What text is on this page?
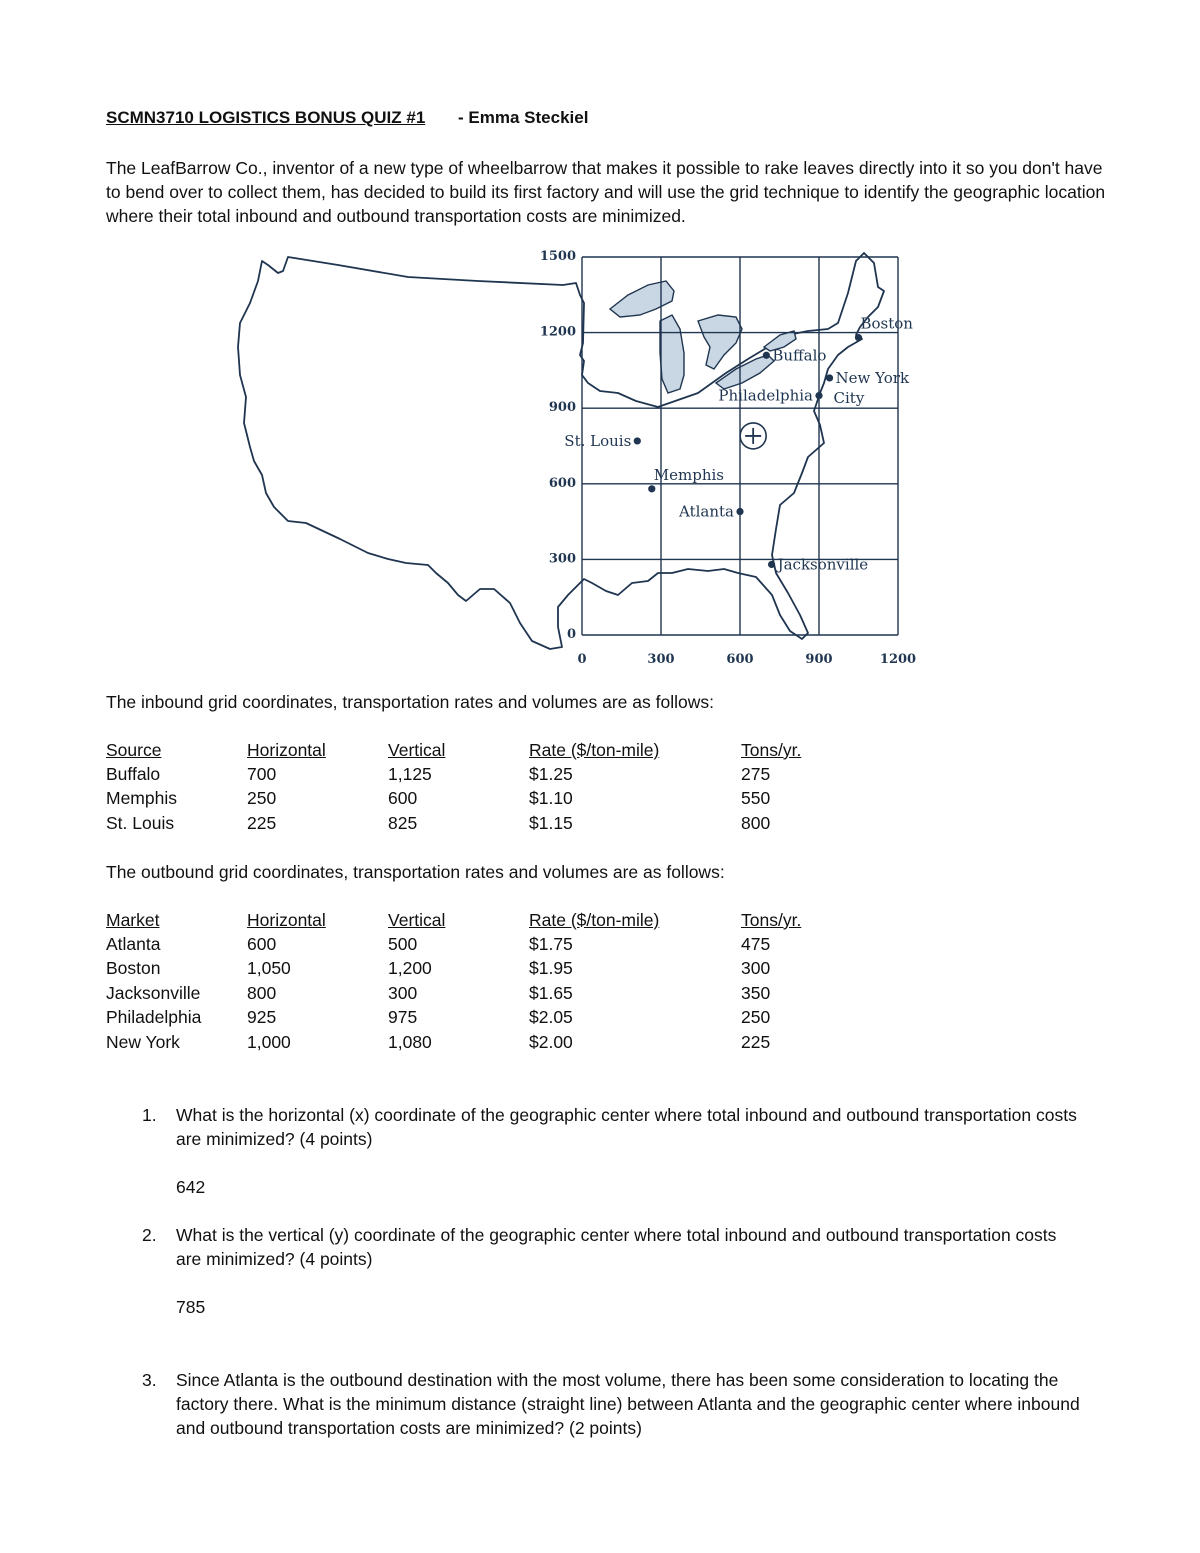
SCMN3710 LOGISTICS BONUS QUIZ #1 - Emma Steckiel
The LeafBarrow Co., inventor of a new type of wheelbarrow that makes it possible to rake leaves directly into it so you don't have to bend over to collect them, has decided to build its first factory and will use the grid technique to identify the geographic location where their total inbound and outbound transportation costs are minimized.
1500
1200
900
600
300
0
0	300	600	900	1200
Boston
Buffalo
New York
City
Philadelphia
St. Louis
Memphis
Atlanta
Jacksonville
The inbound grid coordinates, transportation rates and volumes are as follows:
Source	Horizontal	Vertical	Rate ($/ton-mile)	Tons/yr.
Buffalo	700	1,125	$1.25	275
Memphis	250	600	$1.10	550
St. Louis	225	825	$1.15	800
The outbound grid coordinates, transportation rates and volumes are as follows:
Market	Horizontal	Vertical	Rate ($/ton-mile)	Tons/yr.
Atlanta	600	500	$1.75	475
Boston	1,050	1,200	$1.95	300
Jacksonville	800	300	$1.65	350
Philadelphia	925	975	$2.05	250
New York	1,000	1,080	$2.00	225
1. What is the horizontal (x) coordinate of the geographic center where total inbound and outbound transportation costs are minimized? (4 points)
642
2. What is the vertical (y) coordinate of the geographic center where total inbound and outbound transportation costs are minimized? (4 points)
785
3. Since Atlanta is the outbound destination with the most volume, there has been some consideration to locating the factory there. What is the minimum distance (straight line) between Atlanta and the geographic center where inbound and outbound transportation costs are minimized? (2 points)
